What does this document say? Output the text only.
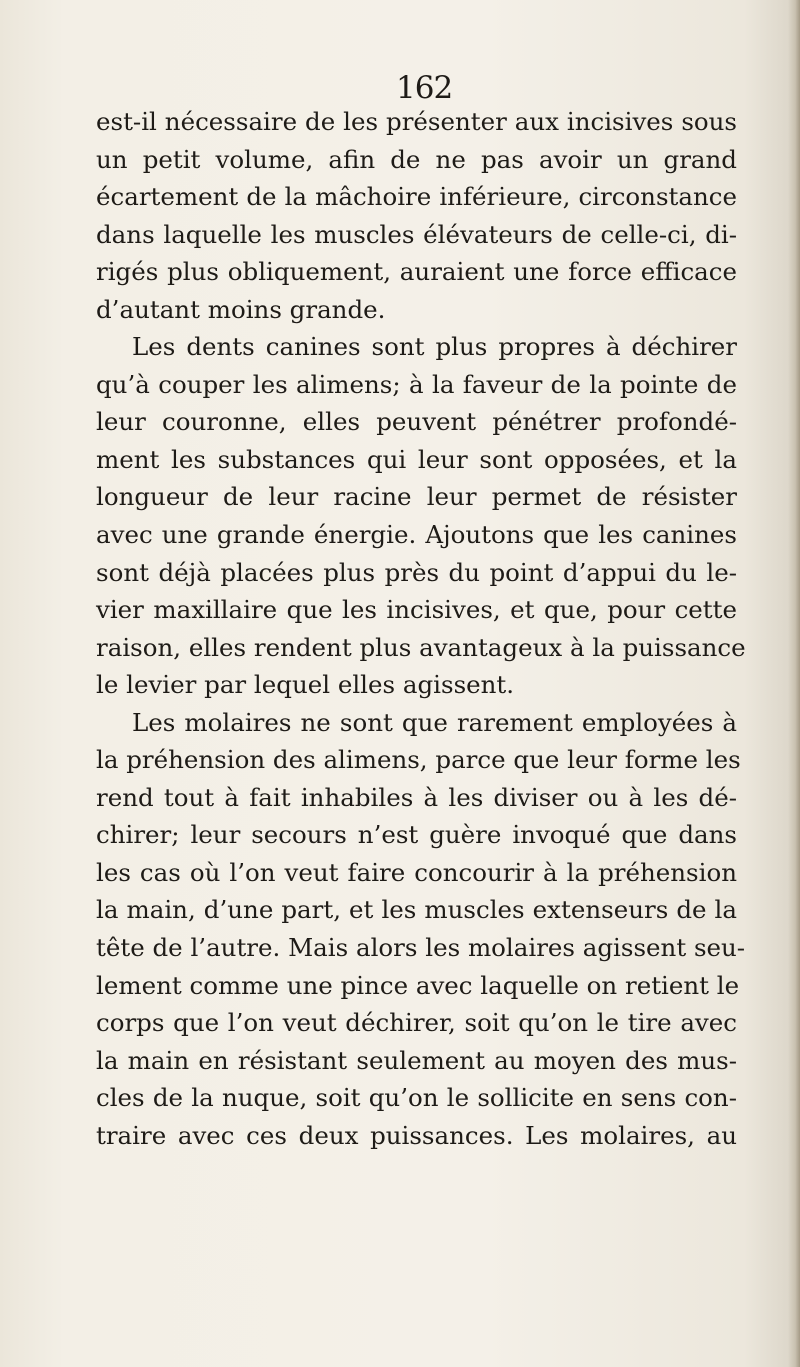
162
est-il nécessaire de les présenter aux incisives sous
un petit volume, afin de ne pas avoir un grand
écartement de la mâchoire inférieure, circonstance
dans laquelle les muscles élévateurs de celle-ci, di-
rigés plus obliquement, auraient une force efficace
d’autant moins grande.
Les dents canines sont plus propres à déchirer
qu’à couper les alimens; à la faveur de la pointe de
leur couronne, elles peuvent pénétrer profondé-
ment les substances qui leur sont opposées, et la
longueur de leur racine leur permet de résister
avec une grande énergie. Ajoutons que les canines
sont déjà placées plus près du point d’appui du le-
vier maxillaire que les incisives, et que, pour cette
raison, elles rendent plus avantageux à la puissance
le levier par lequel elles agissent.
Les molaires ne sont que rarement employées à
la préhension des alimens, parce que leur forme les
rend tout à fait inhabiles à les diviser ou à les dé-
chirer; leur secours n’est guère invoqué que dans
les cas où l’on veut faire concourir à la préhension
la main, d’une part, et les muscles extenseurs de la
tête de l’autre. Mais alors les molaires agissent seu-
lement comme une pince avec laquelle on retient le
corps que l’on veut déchirer, soit qu’on le tire avec
la main en résistant seulement au moyen des mus-
cles de la nuque, soit qu’on le sollicite en sens con-
traire avec ces deux puissances. Les molaires, au
